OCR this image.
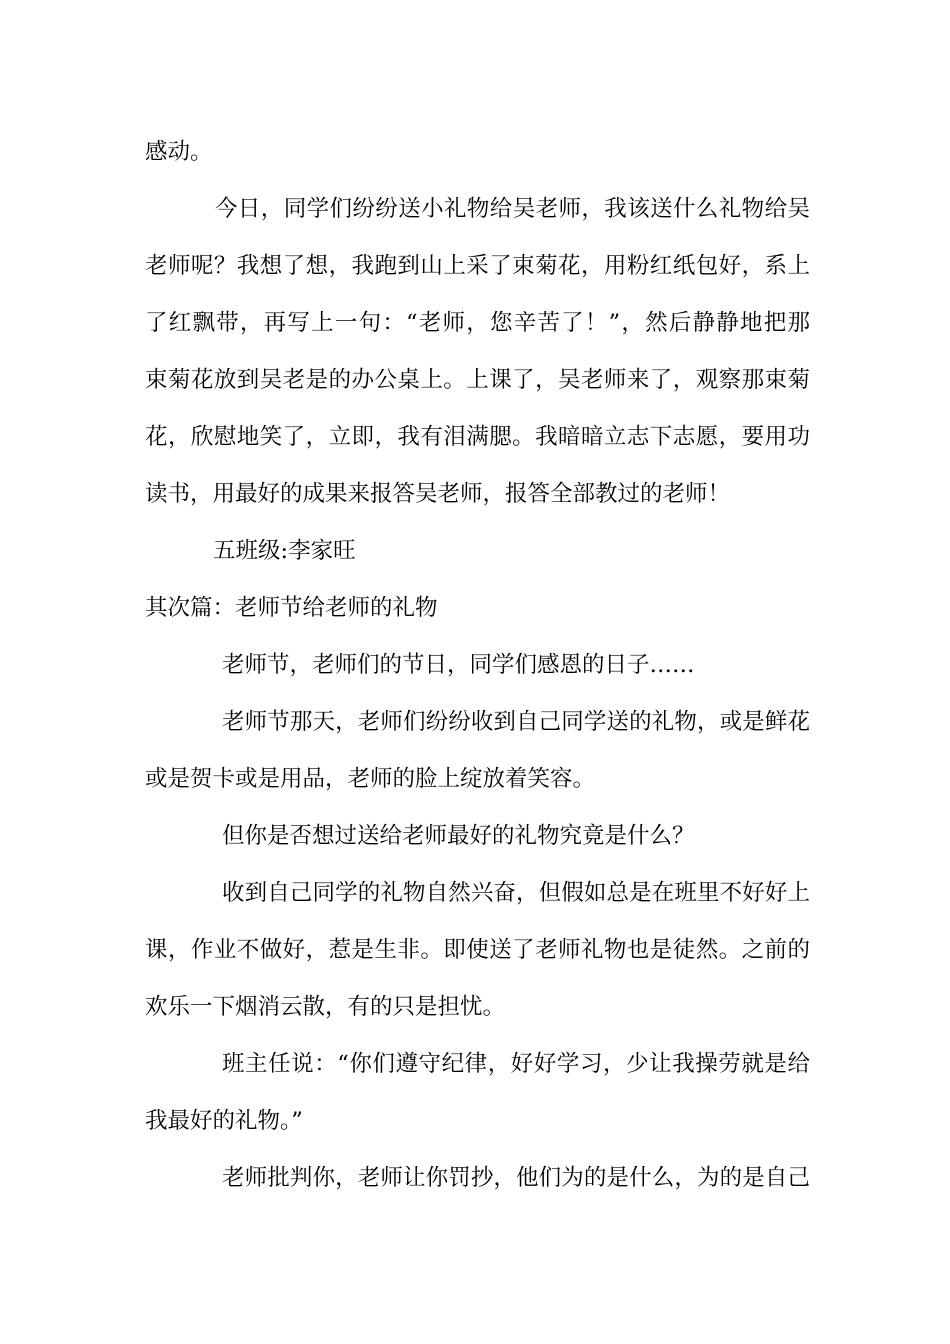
感动。
今日，同学们纷纷送小礼物给吴老师，我该送什么礼物给吴
老师呢？我想了想，我跑到山上采了束菊花，用粉红纸包好，系上
了红飘带，再写上一句：“老师，您辛苦了！”，然后静静地把那
束菊花放到吴老是的办公桌上。上课了，吴老师来了，观察那束菊
花，欣慰地笑了，立即，我有泪满腮。我暗暗立志下志愿，要用功
读书，用最好的成果来报答吴老师，报答全部教过的老师！
五班级:李家旺
其次篇：老师节给老师的礼物
老师节，老师们的节日，同学们感恩的日子……
老师节那天，老师们纷纷收到自己同学送的礼物，或是鲜花
或是贺卡或是用品，老师的脸上绽放着笑容。
但你是否想过送给老师最好的礼物究竟是什么？
收到自己同学的礼物自然兴奋，但假如总是在班里不好好上
课，作业不做好，惹是生非。即使送了老师礼物也是徒然。之前的
欢乐一下烟消云散，有的只是担忧。
班主任说：“你们遵守纪律，好好学习，少让我操劳就是给
我最好的礼物。”
老师批判你，老师让你罚抄，他们为的是什么，为的是自己
